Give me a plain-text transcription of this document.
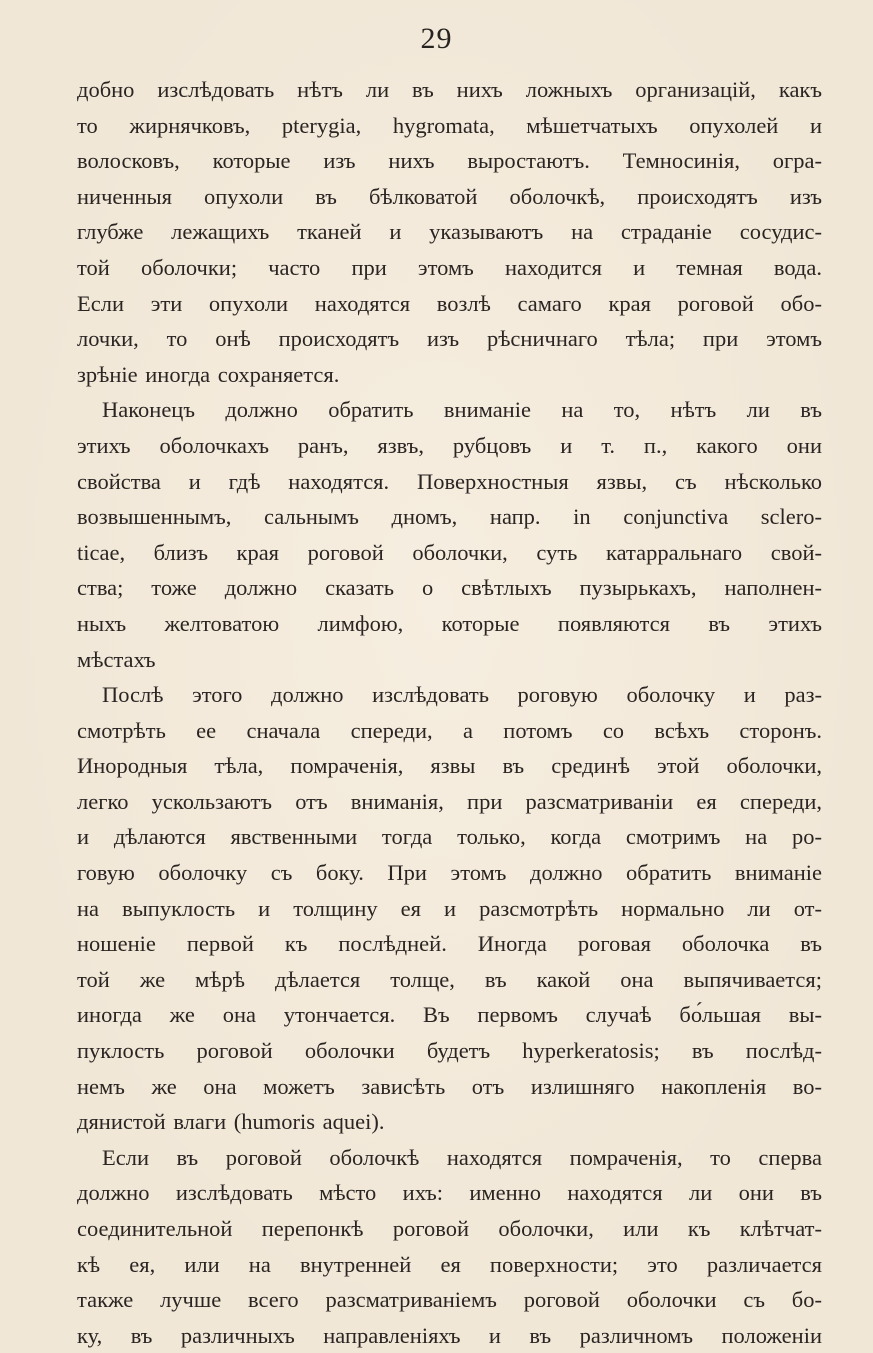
29
добно изслѣдовать нѣтъ ли въ нихъ ложныхъ организацій, какъ
то жирнячковъ, pterygia, hygromata, мѣшетчатыхъ опухолей и
волосковъ, которые изъ нихъ выростаютъ. Темносинія, огра-
ниченныя опухоли въ бѣлковатой оболочкѣ, происходятъ изъ
глубже лежащихъ тканей и указываютъ на страданіе сосудис-
той оболочки; часто при этомъ находится и темная вода.
Если эти опухоли находятся возлѣ самаго края роговой обо-
лочки, то онѣ происходятъ изъ рѣсничнаго тѣла; при этомъ
зрѣніе иногда сохраняется.
Наконецъ должно обратить вниманіе на то, нѣтъ ли въ
этихъ оболочкахъ ранъ, язвъ, рубцовъ и т. п., какого они
свойства и гдѣ находятся. Поверхностныя язвы, съ нѣсколько
возвышеннымъ, сальнымъ дномъ, напр. in conjunctiva sclero-
ticae, близъ края роговой оболочки, суть катарральнаго свой-
ства; тоже должно сказать о свѣтлыхъ пузырькахъ, наполнен-
ныхъ желтоватою лимфою, которые появляются въ этихъ
мѣстахъ
Послѣ этого должно изслѣдовать роговую оболочку и раз-
смотрѣть ее сначала спереди, а потомъ со всѣхъ сторонъ.
Инородныя тѣла, помраченія, язвы въ срединѣ этой оболочки,
легко ускользаютъ отъ вниманія, при разсматриваніи ея спереди,
и дѣлаются явственными тогда только, когда смотримъ на ро-
говую оболочку съ боку. При этомъ должно обратить вниманіе
на выпуклость и толщину ея и разсмотрѣть нормально ли от-
ношеніе первой къ послѣдней. Иногда роговая оболочка въ
той же мѣрѣ дѣлается толще, въ какой она выпячивается;
иногда же она утончается. Въ первомъ случаѣ бо́льшая вы-
пуклость роговой оболочки будетъ hyperkeratosis; въ послѣд-
немъ же она можетъ зависѣть отъ излишняго накопленія во-
дянистой влаги (humoris aquei).
Если въ роговой оболочкѣ находятся помраченія, то сперва
должно изслѣдовать мѣсто ихъ: именно находятся ли они въ
соединительной перепонкѣ роговой оболочки, или къ клѣтчат-
кѣ ея, или на внутренней ея поверхности; это различается
также лучше всего разсматриваніемъ роговой оболочки съ бо-
ку, въ различныхъ направленіяхъ и въ различномъ положеніи
